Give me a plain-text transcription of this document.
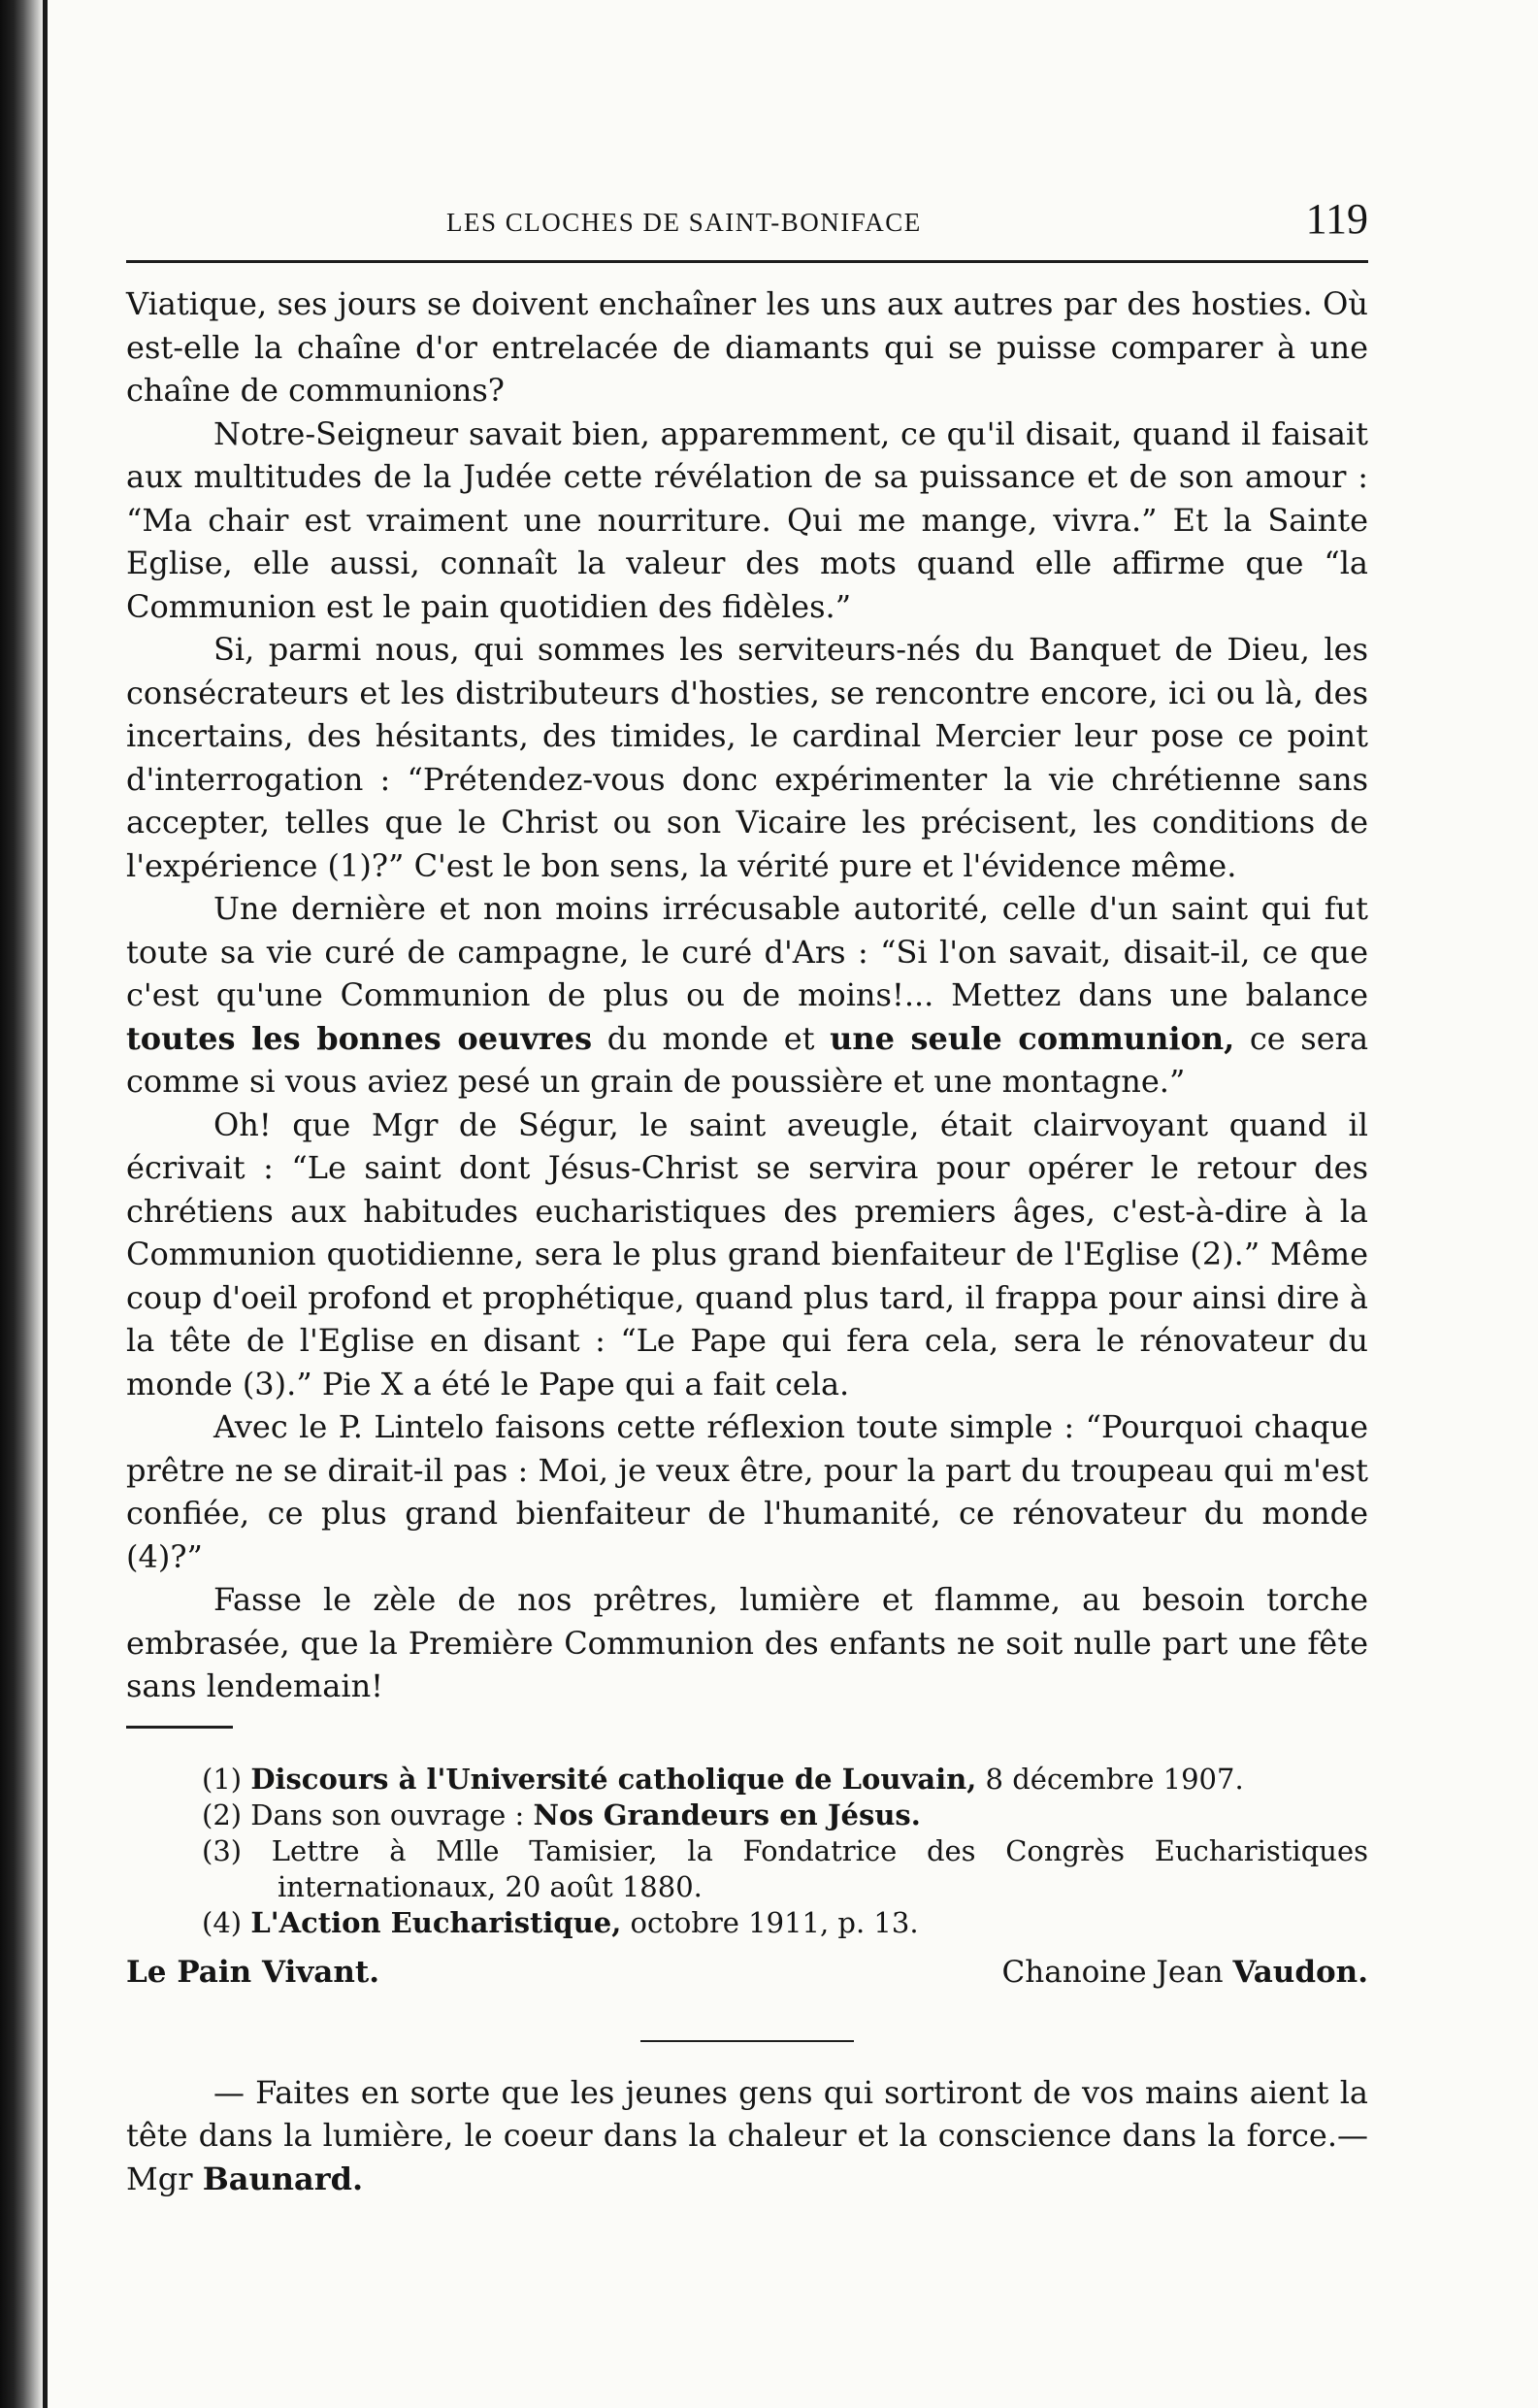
LES CLOCHES DE SAINT-BONIFACE	119

Viatique, ses jours se doivent enchaîner les uns aux autres par des hosties. Où est-elle la chaîne d'or entrelacée de diamants qui se puisse comparer à une chaîne de communions?

Notre-Seigneur savait bien, apparemment, ce qu'il disait, quand il faisait aux multitudes de la Judée cette révélation de sa puissance et de son amour : “Ma chair est vraiment une nourriture. Qui me mange, vivra.” Et la Sainte Eglise, elle aussi, connaît la valeur des mots quand elle affirme que “la Communion est le pain quotidien des fidèles.”

Si, parmi nous, qui sommes les serviteurs-nés du Banquet de Dieu, les consécrateurs et les distributeurs d'hosties, se rencontre encore, ici ou là, des incertains, des hésitants, des timides, le cardinal Mercier leur pose ce point d'interrogation : “Prétendez-vous donc expérimenter la vie chrétienne sans accepter, telles que le Christ ou son Vicaire les précisent, les conditions de l'expérience (1)?” C'est le bon sens, la vérité pure et l'évidence même.

Une dernière et non moins irrécusable autorité, celle d'un saint qui fut toute sa vie curé de campagne, le curé d'Ars : “Si l'on savait, disait-il, ce que c'est qu'une Communion de plus ou de moins!... Mettez dans une balance toutes les bonnes oeuvres du monde et une seule communion, ce sera comme si vous aviez pesé un grain de poussière et une montagne.”

Oh! que Mgr de Ségur, le saint aveugle, était clairvoyant quand il écrivait : “Le saint dont Jésus-Christ se servira pour opérer le retour des chrétiens aux habitudes eucharistiques des premiers âges, c'est-à-dire à la Communion quotidienne, sera le plus grand bienfaiteur de l'Eglise (2).” Même coup d'oeil profond et prophétique, quand plus tard, il frappa pour ainsi dire à la tête de l'Eglise en disant : “Le Pape qui fera cela, sera le rénovateur du monde (3).” Pie X a été le Pape qui a fait cela.

Avec le P. Lintelo faisons cette réflexion toute simple : “Pourquoi chaque prêtre ne se dirait-il pas : Moi, je veux être, pour la part du troupeau qui m'est confiée, ce plus grand bienfaiteur de l'humanité, ce rénovateur du monde (4)?”

Fasse le zèle de nos prêtres, lumière et flamme, au besoin torche embrasée, que la Première Communion des enfants ne soit nulle part une fête sans lendemain!

(1) Discours à l'Université catholique de Louvain, 8 décembre 1907.
(2) Dans son ouvrage : Nos Grandeurs en Jésus.
(3) Lettre à Mlle Tamisier, la Fondatrice des Congrès Eucharistiques internationaux, 20 août 1880.
(4) L'Action Eucharistique, octobre 1911, p. 13.
Le Pain Vivant.	Chanoine Jean Vaudon.

— Faites en sorte que les jeunes gens qui sortiront de vos mains aient la tête dans la lumière, le coeur dans la chaleur et la conscience dans la force.—Mgr Baunard.
